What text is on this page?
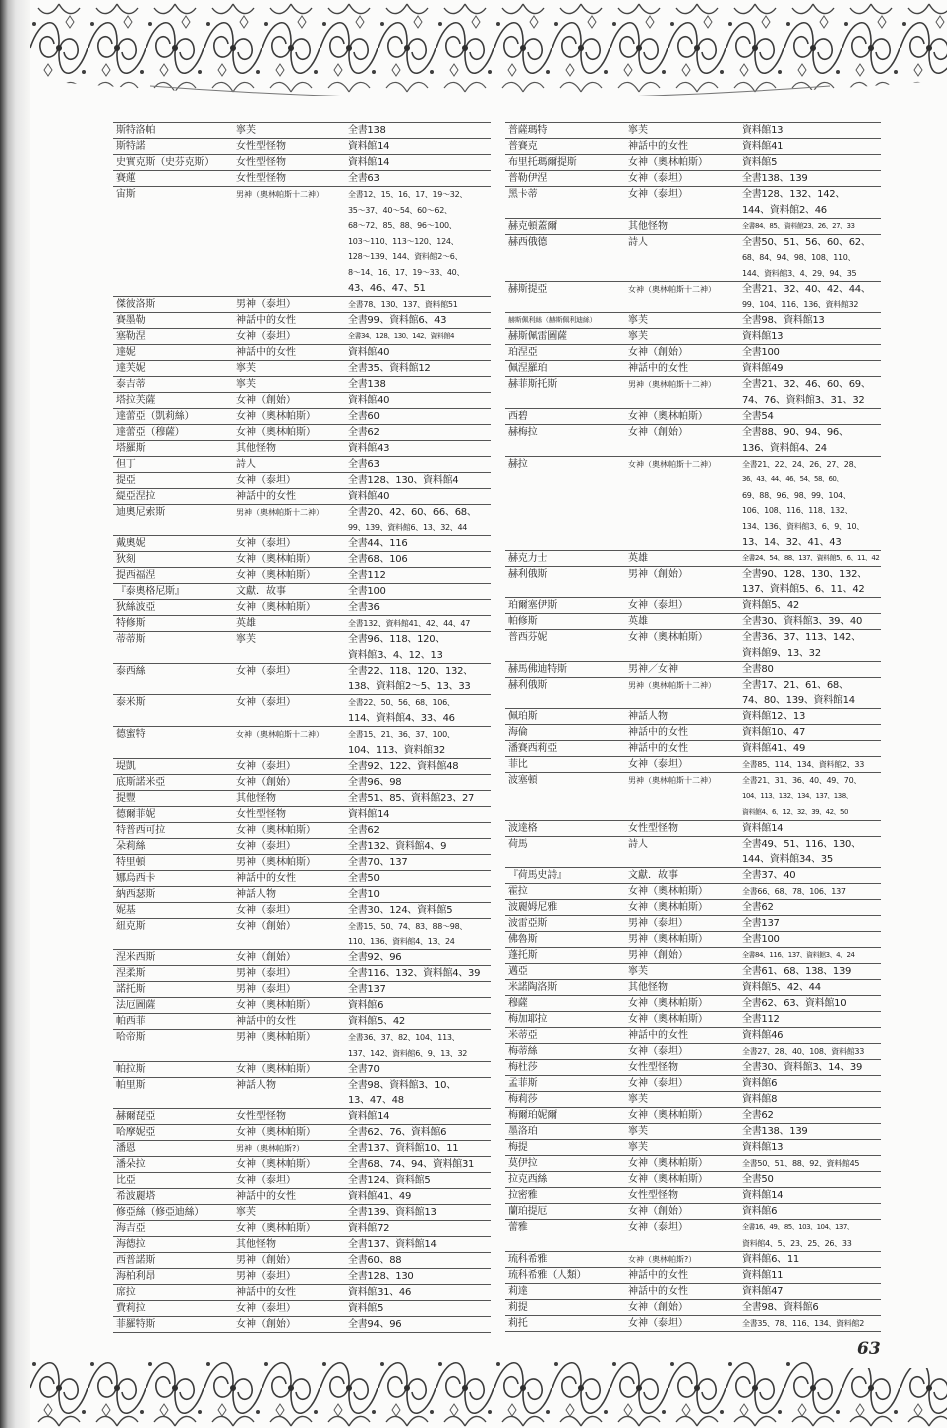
斯特洛帕	寧芙	全書138
斯特諾	女性型怪物	資料館14
史實克斯（史芬克斯） 女性型怪物	資料館14
賽蓮	女性型怪物	全書63
宙斯	男神（奧林帕斯十二神）	全書12、15、16、17、19～32、
35～37、40～54、60～62、
68～72、85、88、96～100、
103～110、113～120、124、
128～139、144、資料館2～6、
8～14、16、17、19～33、40、
43、46、47、51
傑彼洛斯	男神（泰坦）	全書78、130、137、資料館51
賽墨勒	神話中的女性	全書99、資料館6、43
塞勒涅	女神（泰坦）	全書34、128、130、142、資料館4
達妮	神話中的女性	資料館40
達芙妮	寧芙	全書35、資料館12
泰吉蒂	寧芙	全書138
塔拉芙薩	女神（創始）	資料館40
達蕾亞（凱莉絲）	女神（奧林帕斯）	全書60
達蕾亞（穆薩）	女神（奧林帕斯）	全書62
塔羅斯	其他怪物	資料館43
但丁	詩人	全書63
提亞	女神（泰坦）	全書128、130、資料館4
緹亞涅拉	神話中的女性	資料館40
迪奧尼索斯	男神（奧林帕斯十二神） 全書20、42、60、66、68、
99、139、資料館6、13、32、44
戴奧妮	女神（泰坦）	全書44、116
狄刻	女神（奧林帕斯）	全書68、106
提西福涅	女神（奧林帕斯）	全書112
『泰奧格尼斯』	文獻．故事	全書100
狄絲波亞	女神（奧林帕斯）	全書36
特修斯	英雄	全書132、資料館41、42、44、47
蒂蒂斯	寧芙	全書96、118、120、
資料館3、4、12、13
泰西絲	女神（泰坦）	全書22、118、120、132、
138、資料館2～5、13、33
泰米斯	女神（泰坦）	全書22、50、56、68、106、
114、資料館4、33、46
德蜜特	女神（奧林帕斯十二神）	全書15、21、36、37、100、
104、113、資料館32
堤凱	女神（泰坦）	全書92、122、資料館48
底斯諾米亞	女神（創始）	全書96、98
提豐	其他怪物	全書51、85、資料館23、27
德爾菲妮	女性型怪物	資料館14
特普西可拉	女神（奧林帕斯）	全書62
朵莉絲	女神（泰坦）	全書132、資料館4、9
特里頓	男神（奧林帕斯）	全書70、137
娜烏西卡	神話中的女性	全書50
納西瑟斯	神話人物	全書10
妮基	女神（泰坦）	全書30、124、資料館5
紐克斯	女神（創始）	全書15、50、74、83、88～98、
110、136、資料館4、13、24
涅米西斯	女神（創始）	全書92、96
涅柔斯	男神（泰坦）	全書116、132、資料館4、39
諾托斯	男神（泰坦）	全書137
法厄圖薩	女神（奧林帕斯）	資料館6
帕西菲	神話中的女性	資料館5、42
哈帝斯	男神（奧林帕斯）	全書36、37、82、104、113、
137、142、資料館6、9、13、32
帕拉斯	女神（奧林帕斯）	全書70
帕里斯	神話人物	全書98、資料館3、10、
13、47、48
赫爾琵亞	女性型怪物	資料館14
哈摩妮亞	女神（奧林帕斯）	全書62、76、資料館6
潘恩	男神（奧林帕斯?）	全書137、資料館10、11
潘朵拉	女神（奧林帕斯）	全書68、74、94、資料館31
比亞	女神（泰坦）	全書124、資料館5
希波麗塔	神話中的女性	資料館41、49
修亞絲（修亞迪絲）	寧芙	全書139、資料館13
海吉亞	女神（奧林帕斯）	資料館72
海德拉	其他怪物	全書137、資料館14
西普諾斯	男神（創始）	全書60、88
海柏利昂	男神（泰坦）	全書128、130
席拉	神話中的女性	資料館31、46
費莉拉	女神（泰坦）	資料館5
菲羅特斯	女神（創始）	全書94、96
普薩瑪特	寧芙	資料館13
普賽克	神話中的女性	資料館41
布里托瑪爾提斯	女神（奧林帕斯）	資料館5
普勒伊涅	女神（泰坦）	全書138、139
黑卡蒂	女神（泰坦）	全書128、132、142、
144、資料館2、46
赫克頓蓋爾	其他怪物	全書84、85、資料館23、26、27、33
赫西俄德	詩人	全書50、51、56、60、62、
68、84、94、98、108、110、
144、資料館3、4、29、94、35
赫斯提亞	女神（奧林帕斯十二神）	全書21、32、40、42、44、
99、104、116、136、資料館32
赫斯佩利絲（赫斯佩利迪絲）	寧芙	全書98、資料館13
赫斯佩雷圖薩	寧芙	資料館13
珀涅亞	女神（創始）	全書100
佩涅羅珀	神話中的女性	資料館49
赫菲斯托斯	男神（奧林帕斯十二神）	全書21、32、46、60、69、
74、76、資料館3、31、32
西碧	女神（奧林帕斯）	全書54
赫梅拉	女神（創始）	全書88、90、94、96、
136、資料館4、24
赫拉	女神（奧林帕斯十二神）	全書21、22、24、26、27、28、
36、43、44、46、54、58、60、
69、88、96、98、99、104、
106、108、116、118、132、
134、136、資料館3、6、9、10、
13、14、32、41、43
赫克力士	英雄	全書24、54、88、137、資料館5、6、11、42
赫利俄斯	男神（創始）	全書90、128、130、132、
137、資料館5、6、11、42
珀爾塞伊斯	女神（泰坦）	資料館5、42
帕修斯	英雄	全書30、資料館3、39、40
普西芬妮	女神（奧林帕斯）	全書36、37、113、142、
資料館9、13、32
赫馬佛迪特斯	男神／女神	全書80
赫利俄斯	男神（奧林帕斯十二神）	全書17、21、61、68、
74、80、139、資料館14
佩珀斯	神話人物	資料館12、13
海倫	神話中的女性	資料館10、47
潘賽西莉亞	神話中的女性	資料館41、49
菲比	女神（泰坦）	全書85、114、134、資料館2、33
波塞頓	男神（奧林帕斯十二神）	全書21、31、36、40、49、70、
104、113、132、134、137、138、
資料館4、6、12、32、39、42、50
波達格	女性型怪物	資料館14
荷馬	詩人	全書49、51、116、130、
144、資料館34、35
『荷馬史詩』	文獻．故事	全書37、40
霍拉	女神（奧林帕斯）	全書66、68、78、106、137
波麗姆尼雅	女神（奧林帕斯）	全書62
波雷亞斯	男神（泰坦）	全書137
佛魯斯	男神（奧林帕斯）	全書100
蓬托斯	男神（創始）	全書84、116、137、資料館3、4、24
邁亞	寧芙	全書61、68、138、139
米諾陶洛斯	其他怪物	資料館5、42、44
穆薩	女神（奧林帕斯）	全書62、63、資料館10
梅加耶拉	女神（奧林帕斯）	全書112
米蒂亞	神話中的女性	資料館46
梅蒂絲	女神（泰坦）	全書27、28、40、108、資料館33
梅杜莎	女性型怪物	全書30、資料館3、14、39
孟菲斯	女神（泰坦）	資料館6
梅莉莎	寧芙	資料館8
梅爾珀妮爾	女神（奧林帕斯）	全書62
墨洛珀	寧芙	全書138、139
梅提	寧芙	資料館13
莫伊拉	女神（奧林帕斯）	全書50、51、88、92、資料館45
拉克西絲	女神（奧林帕斯）	全書50
拉密雅	女性型怪物	資料館14
蘭珀提厄	女神（創始）	資料館6
蕾雅	女神（泰坦）	全書16、49、85、103、104、137、
資料館4、5、23、25、26、33
琉科希雅	女神（奧林帕斯?）	資料館6、11
琉科希雅（人類）	神話中的女性	資料館11
莉達	神話中的女性	資料館47
莉提	女神（創始）	全書98、資料館6
莉托	女神（泰坦）	全書35、78、116、134、資料館2
63
